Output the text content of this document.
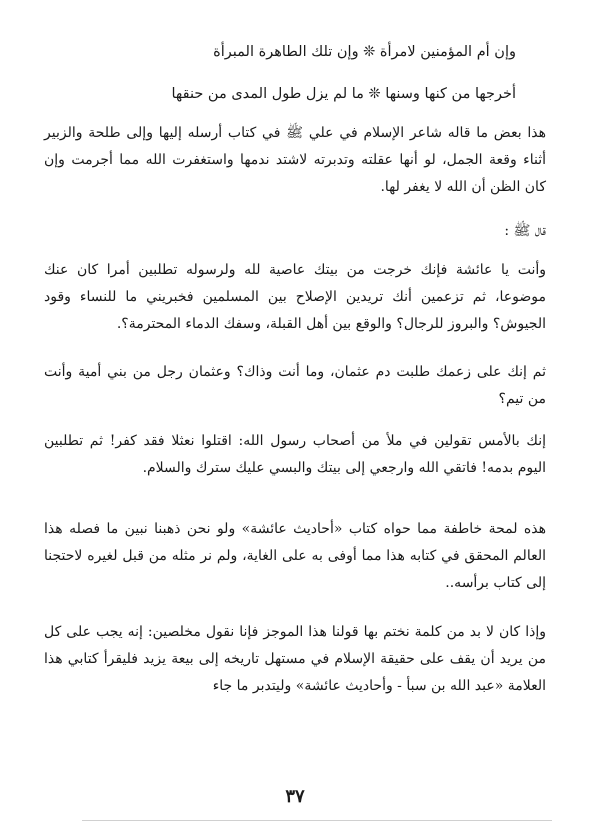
وإن أم المؤمنين لامرأة ❊ وإن تلك الطاهرة المبرأة
أخرجها من كنها وسنها ❊ ما لم يزل طول المدى من حنقها

هذا بعض ما قاله شاعر الإسلام في علي ﷺ في كتاب أرسله إليها وإلى طلحة والزبير أثناء وقعة الجمل، لو أنها عقلته وتدبرته لاشتد ندمها واستغفرت الله مما أجرمت وإن كان الظن أن الله لا يغفر لها.

قال ﷺ :

وأنت يا عائشة فإنك خرجت من بيتك عاصية لله ولرسوله تطلبين أمرا كان عنك موضوعا، ثم تزعمين أنك تريدين الإصلاح بين المسلمين فخبريني ما للنساء وقود الجيوش؟ والبروز للرجال؟ والوقع بين أهل القبلة، وسفك الدماء المحترمة؟.

ثم إنك على زعمك طلبت دم عثمان، وما أنت وذاك؟ وعثمان رجل من بني أمية وأنت من تيم؟

إنك بالأمس تقولين في ملأ من أصحاب رسول الله: اقتلوا نعثلا فقد كفر! ثم تطلبين اليوم بدمه! فاتقي الله وارجعي إلى بيتك والبسي عليك سترك والسلام.

هذه لمحة خاطفة مما حواه كتاب «أحاديث عائشة» ولو نحن ذهبنا نبين ما فصله هذا العالم المحقق في كتابه هذا مما أوفى به على الغاية، ولم نر مثله من قبل لغيره لاحتجنا إلى كتاب برأسه..

وإذا كان لا بد من كلمة نختم بها قولنا هذا الموجز فإنا نقول مخلصين: إنه يجب على كل من يريد أن يقف على حقيقة الإسلام في مستهل تاريخه إلى بيعة يزيد فليقرأ كتابي هذا العلامة «عبد الله بن سبأ - وأحاديث عائشة» وليتدبر ما جاء

٣٧
